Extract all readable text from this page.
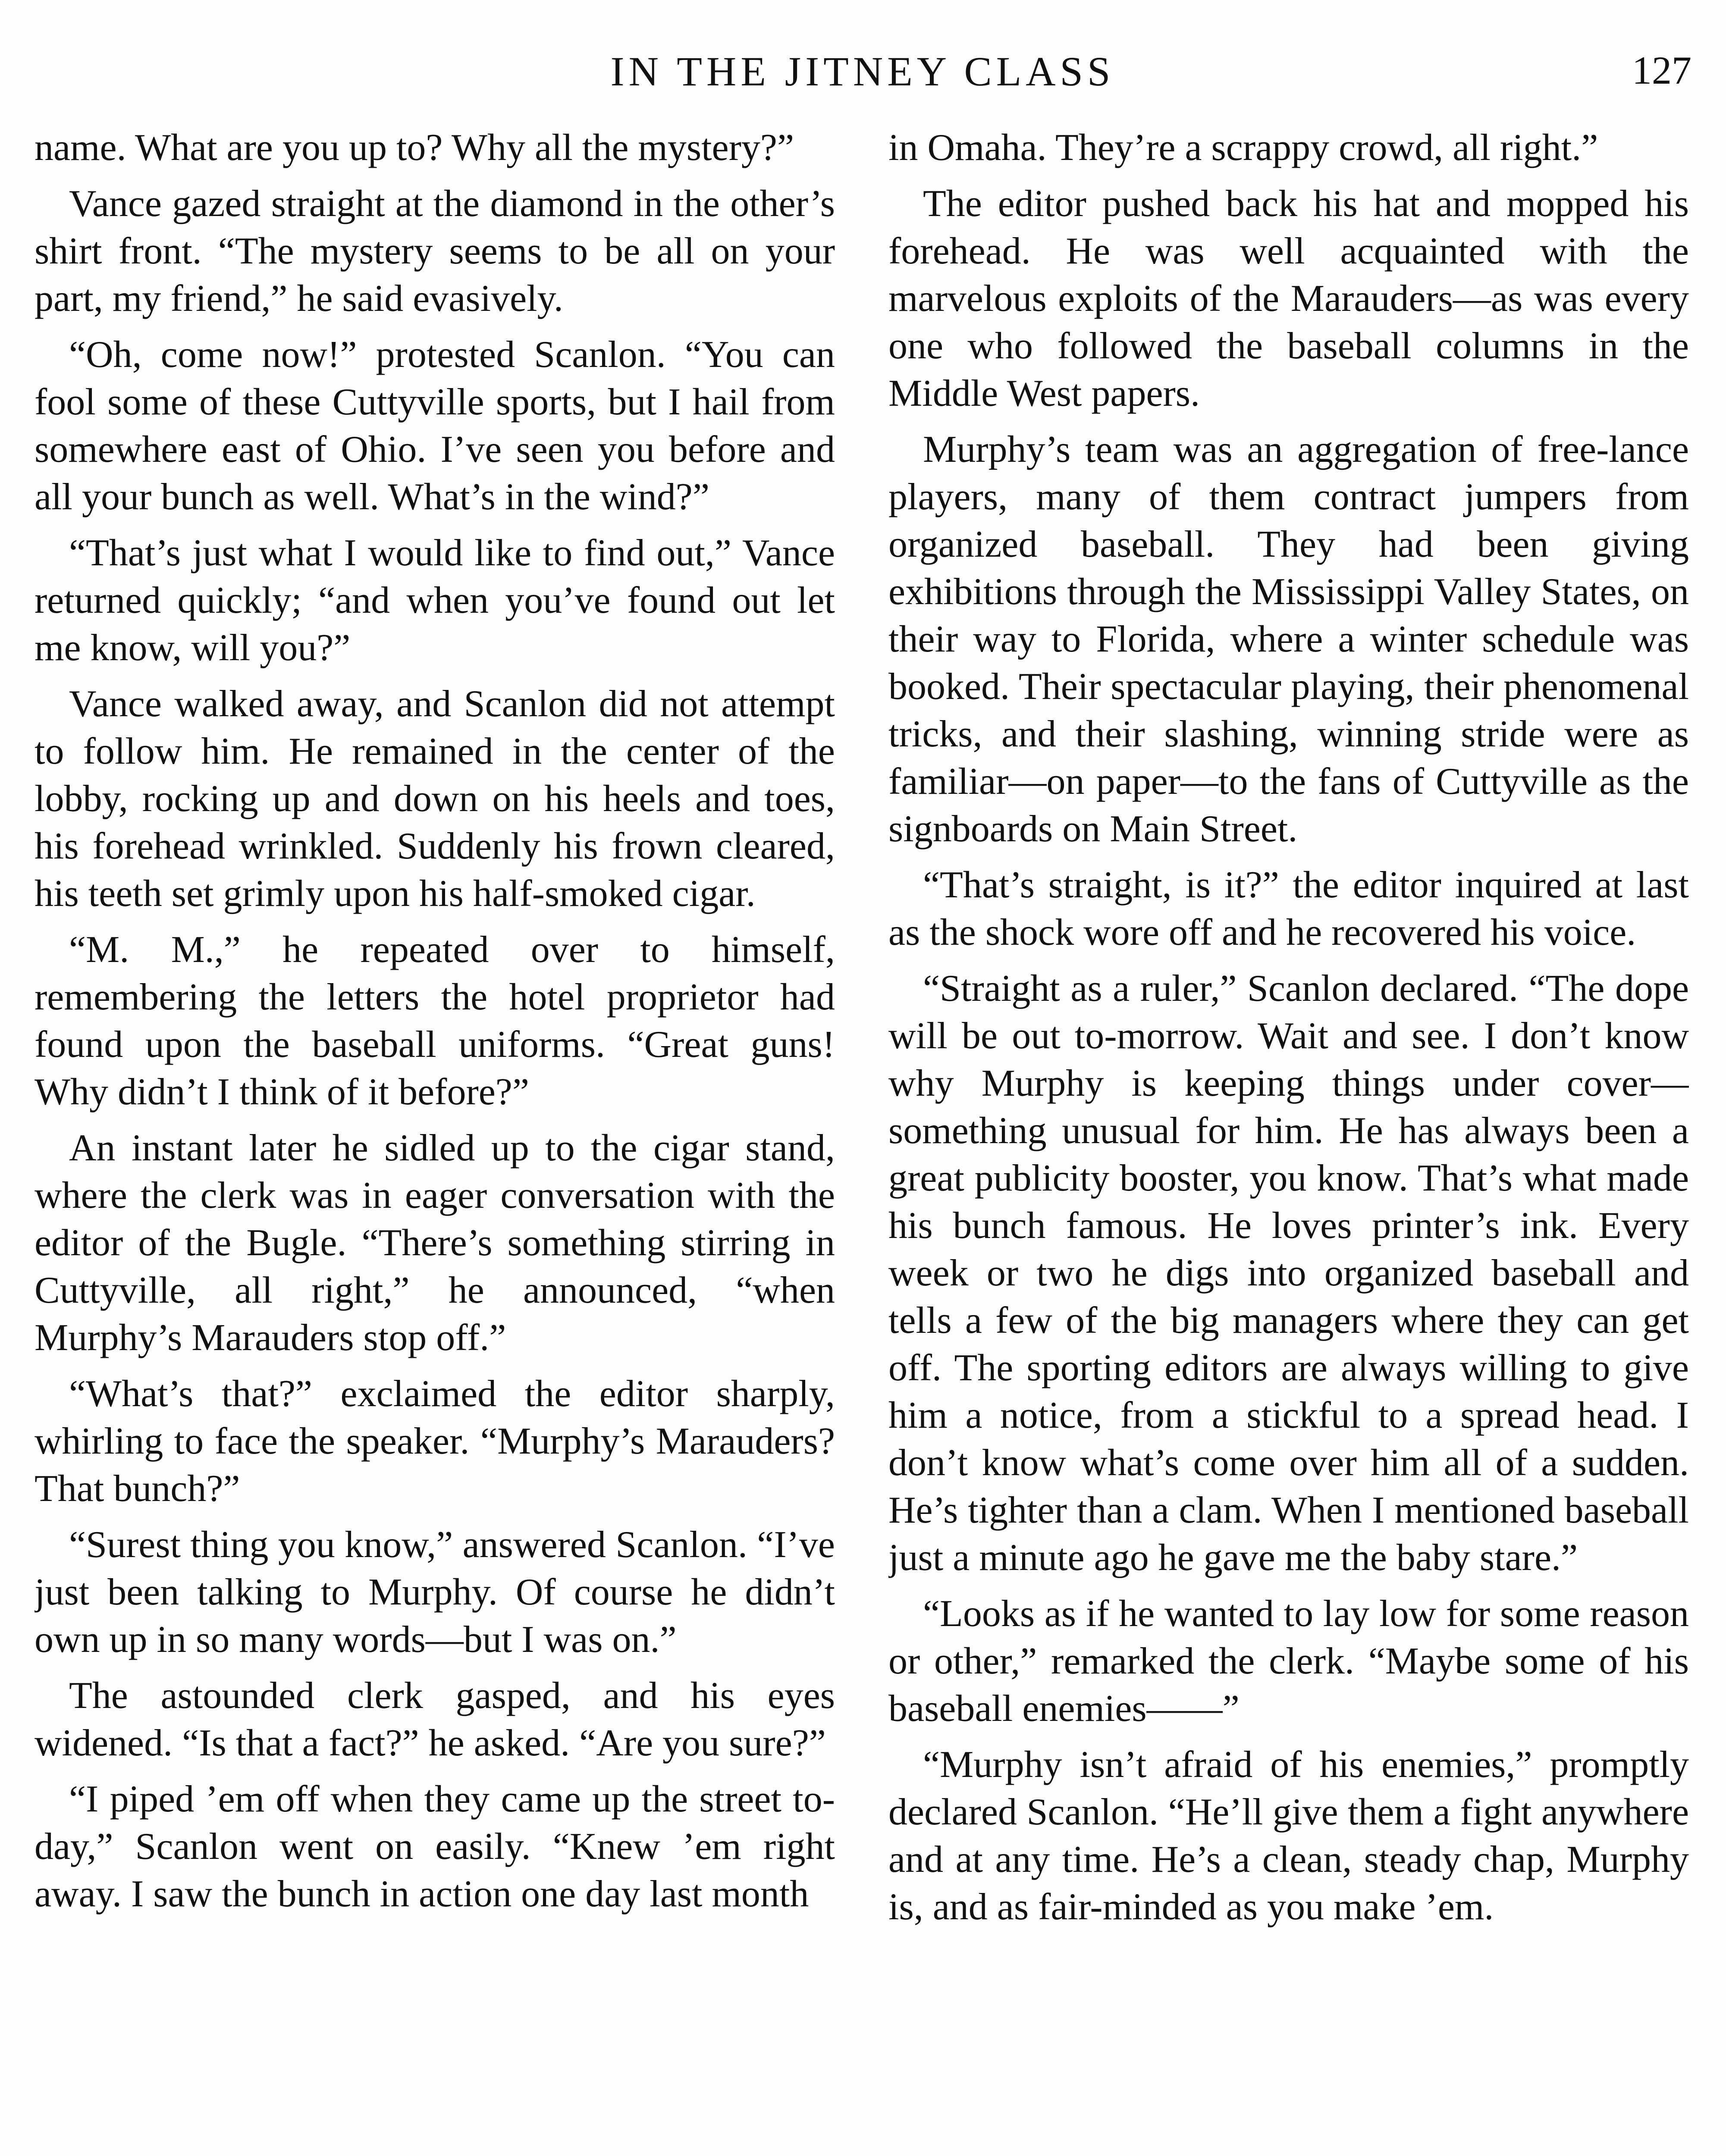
IN THE JITNEY CLASS	127

name. What are you up to? Why all the mystery?”

Vance gazed straight at the diamond in the other’s shirt front. “The mystery seems to be all on your part, my friend,” he said evasively.

“Oh, come now!” protested Scanlon. “You can fool some of these Cuttyville sports, but I hail from somewhere east of Ohio. I’ve seen you before and all your bunch as well. What’s in the wind?”

“That’s just what I would like to find out,” Vance returned quickly; “and when you’ve found out let me know, will you?”

Vance walked away, and Scanlon did not attempt to follow him. He remained in the center of the lobby, rocking up and down on his heels and toes, his forehead wrinkled. Suddenly his frown cleared, his teeth set grimly upon his half-smoked cigar.

“M. M.,” he repeated over to himself, remembering the letters the hotel proprietor had found upon the baseball uniforms. “Great guns! Why didn’t I think of it before?”

An instant later he sidled up to the cigar stand, where the clerk was in eager conversation with the editor of the Bugle. “There’s something stirring in Cuttyville, all right,” he announced, “when Murphy’s Marauders stop off.”

“What’s that?” exclaimed the editor sharply, whirling to face the speaker. “Murphy’s Marauders? That bunch?”

“Surest thing you know,” answered Scanlon. “I’ve just been talking to Murphy. Of course he didn’t own up in so many words—but I was on.”

The astounded clerk gasped, and his eyes widened. “Is that a fact?” he asked. “Are you sure?”

“I piped ’em off when they came up the street to-day,” Scanlon went on easily. “Knew ’em right away. I saw the bunch in action one day last month

in Omaha. They’re a scrappy crowd, all right.”

The editor pushed back his hat and mopped his forehead. He was well acquainted with the marvelous exploits of the Marauders—as was every one who followed the baseball columns in the Middle West papers.

Murphy’s team was an aggregation of free-lance players, many of them contract jumpers from organized baseball. They had been giving exhibitions through the Mississippi Valley States, on their way to Florida, where a winter schedule was booked. Their spectacular playing, their phenomenal tricks, and their slashing, winning stride were as familiar—on paper—to the fans of Cuttyville as the signboards on Main Street.

“That’s straight, is it?” the editor inquired at last as the shock wore off and he recovered his voice.

“Straight as a ruler,” Scanlon declared. “The dope will be out to-morrow. Wait and see. I don’t know why Murphy is keeping things under cover—something unusual for him. He has always been a great publicity booster, you know. That’s what made his bunch famous. He loves printer’s ink. Every week or two he digs into organized baseball and tells a few of the big managers where they can get off. The sporting editors are always willing to give him a notice, from a stickful to a spread head. I don’t know what’s come over him all of a sudden. He’s tighter than a clam. When I mentioned baseball just a minute ago he gave me the baby stare.”

“Looks as if he wanted to lay low for some reason or other,” remarked the clerk. “Maybe some of his baseball enemies——”

“Murphy isn’t afraid of his enemies,” promptly declared Scanlon. “He’ll give them a fight anywhere and at any time. He’s a clean, steady chap, Murphy is, and as fair-minded as you make ’em.
